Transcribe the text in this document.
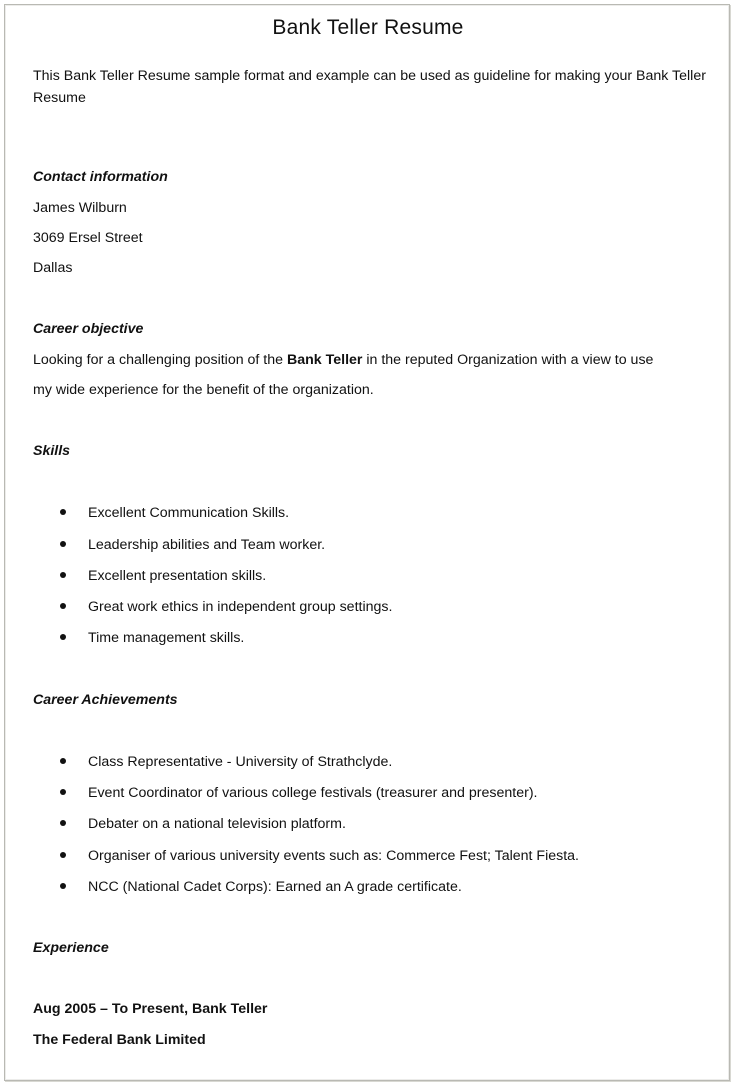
Bank Teller Resume
This Bank Teller Resume sample format and example can be used as guideline for making your Bank Teller Resume
Contact information
James Wilburn
3069 Ersel Street
Dallas
Career objective
Looking for a challenging position of the Bank Teller in the reputed Organization with a view to use
my wide experience for the benefit of the organization.
Skills
Excellent Communication Skills.
Leadership abilities and Team worker.
Excellent presentation skills.
Great work ethics in independent group settings.
Time management skills.
Career Achievements
Class Representative - University of Strathclyde.
Event Coordinator of various college festivals (treasurer and presenter).
Debater on a national television platform.
Organiser of various university events such as: Commerce Fest; Talent Fiesta.
NCC (National Cadet Corps): Earned an A grade certificate.
Experience
Aug 2005 – To Present, Bank Teller
The Federal Bank Limited
